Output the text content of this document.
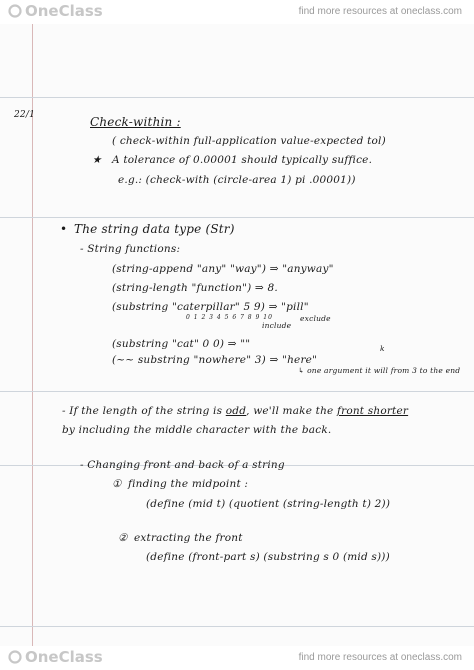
OneClass	find more resources at oneclass.com
22/1	Check-within :
( check-within full-application value-expected tol)
★ A tolerance of 0.00001 should typically suffice.
e.g.: (check-with (circle-area 1) pi .00001))
• The string data type (Str)
- String functions:
(string-append "any" "way") ⇒ "anyway"
(string-length "function") ⇒ 8.
(substring "caterpillar" 5 9) ⇒ "pill"
0 1 2 3 4 5 6 7 8 9 10
include
exclude
(substring "cat" 0 0) ⇒ ""
(~~ substring "nowhere" 3) ⇒ "here"
k
↳ one argument it will from 3 to the end
- If the length of the string is odd, we'll make the front shorter
by including the middle character with the back.
- Changing front and back of a string
① finding the midpoint :
(define (mid t) (quotient (string-length t) 2))
② extracting the front
(define (front-part s) (substring s 0 (mid s)))
OneClass	find more resources at oneclass.com
